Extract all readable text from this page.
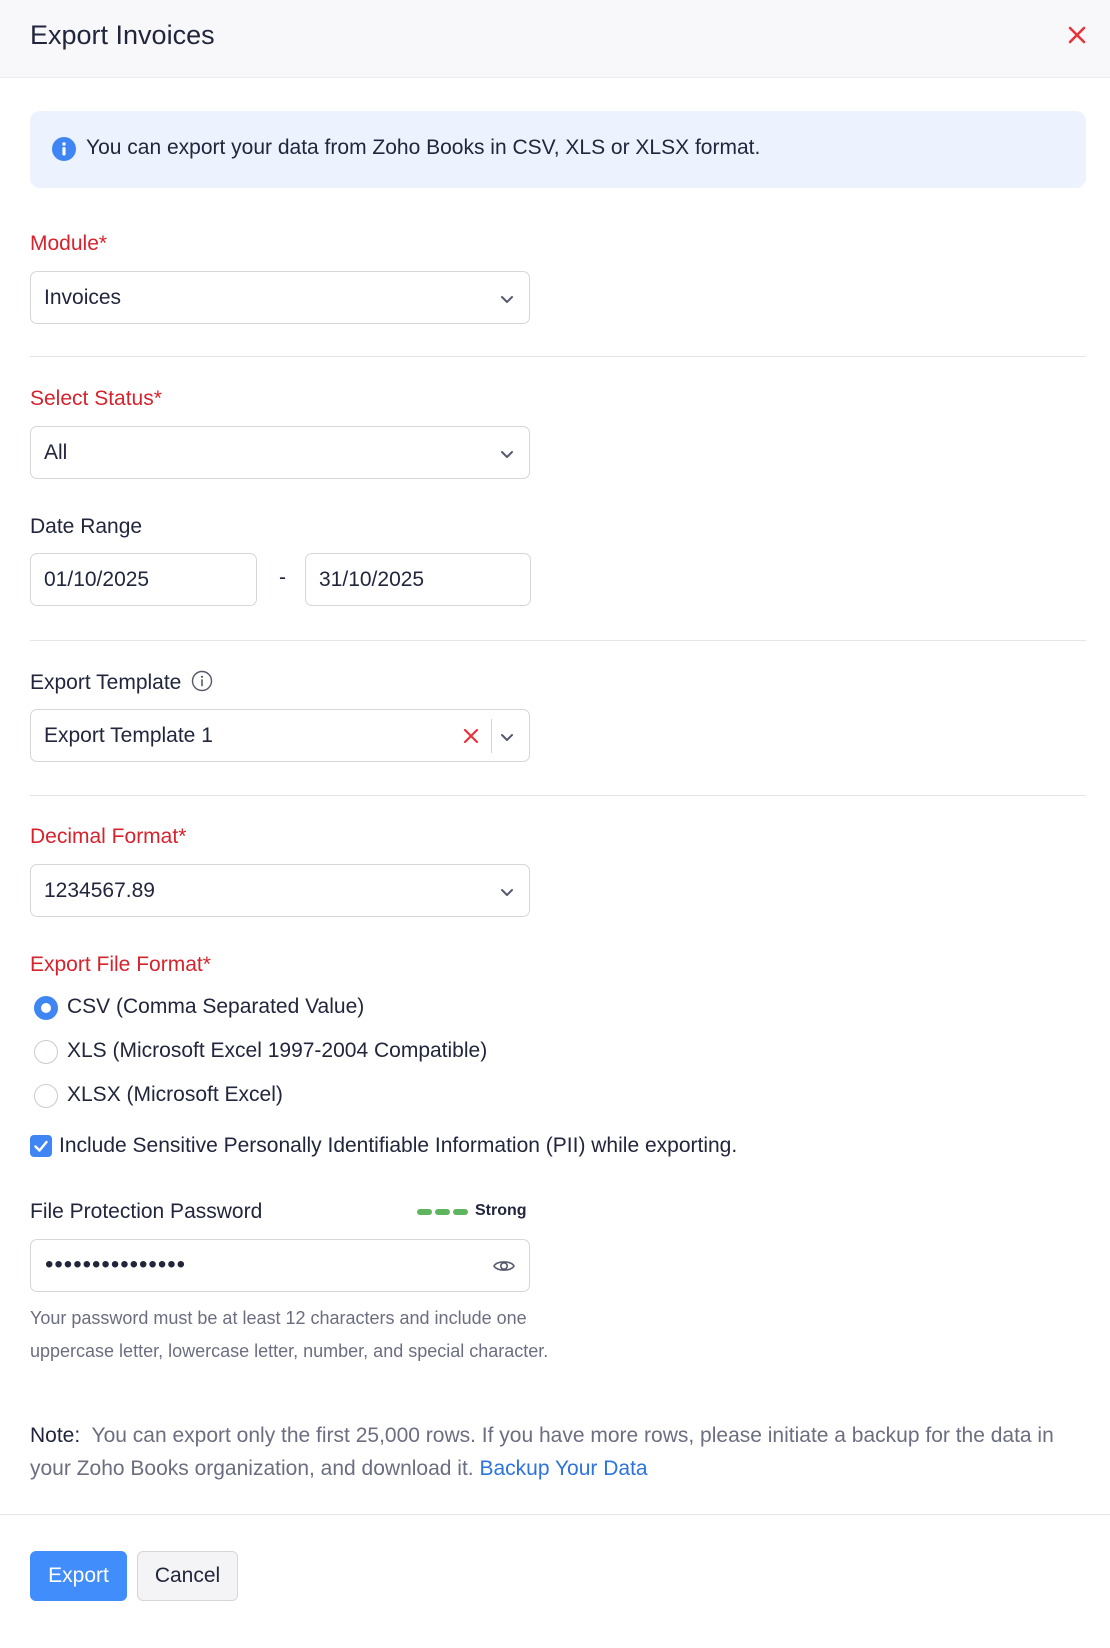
Export Invoices
You can export your data from Zoho Books in CSV, XLS or XLSX format.
Module*
Invoices
Select Status*
All
Date Range
01/10/2025	- 31/10/2025
Export Template
Export Template 1
Decimal Format*
1234567.89
Export File Format*
CSV (Comma Separated Value)
XLS (Microsoft Excel 1997-2004 Compatible)
XLSX (Microsoft Excel)
Include Sensitive Personally Identifiable Information (PII) while exporting.
File Protection Password	Strong
•••••••••••••••
Your password must be at least 12 characters and include one uppercase letter, lowercase letter, number, and special character.
Note: You can export only the first 25,000 rows. If you have more rows, please initiate a backup for the data in your Zoho Books organization, and download it. Backup Your Data
Export	Cancel
